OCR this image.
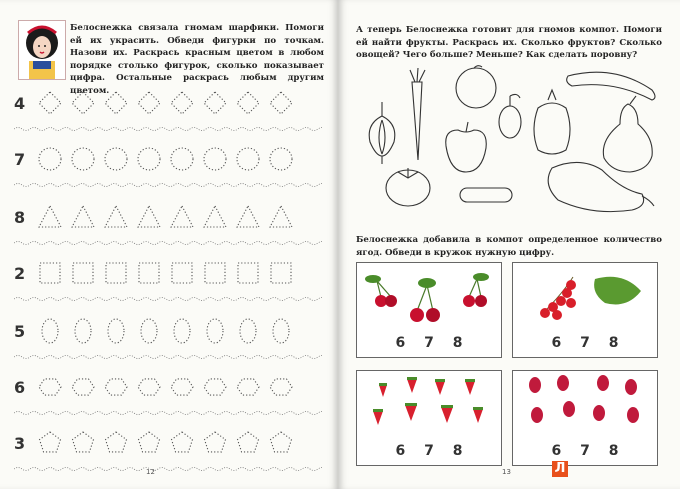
Белоснежка связала гномам шарфики. Помоги ей их украсить. Обведи фигурки по точкам. Назови их. Раскрась красным цветом в любом порядке столько фигурок, сколько показывает цифра. Остальные раскрась любым другим цветом.
4
7
8
2
5
6
3
12
А теперь Белоснежка готовит для гномов компот. Помоги ей найти фрукты. Раскрась их. Сколько фруктов? Сколько овощей? Чего больше? Меньше? Как сделать поровну?
Белоснежка добавила в компот определенное количество ягод. Обведи в кружок нужную цифру.
6 7 8	6 7 8
6 7 8	6 7 8
13	Л
